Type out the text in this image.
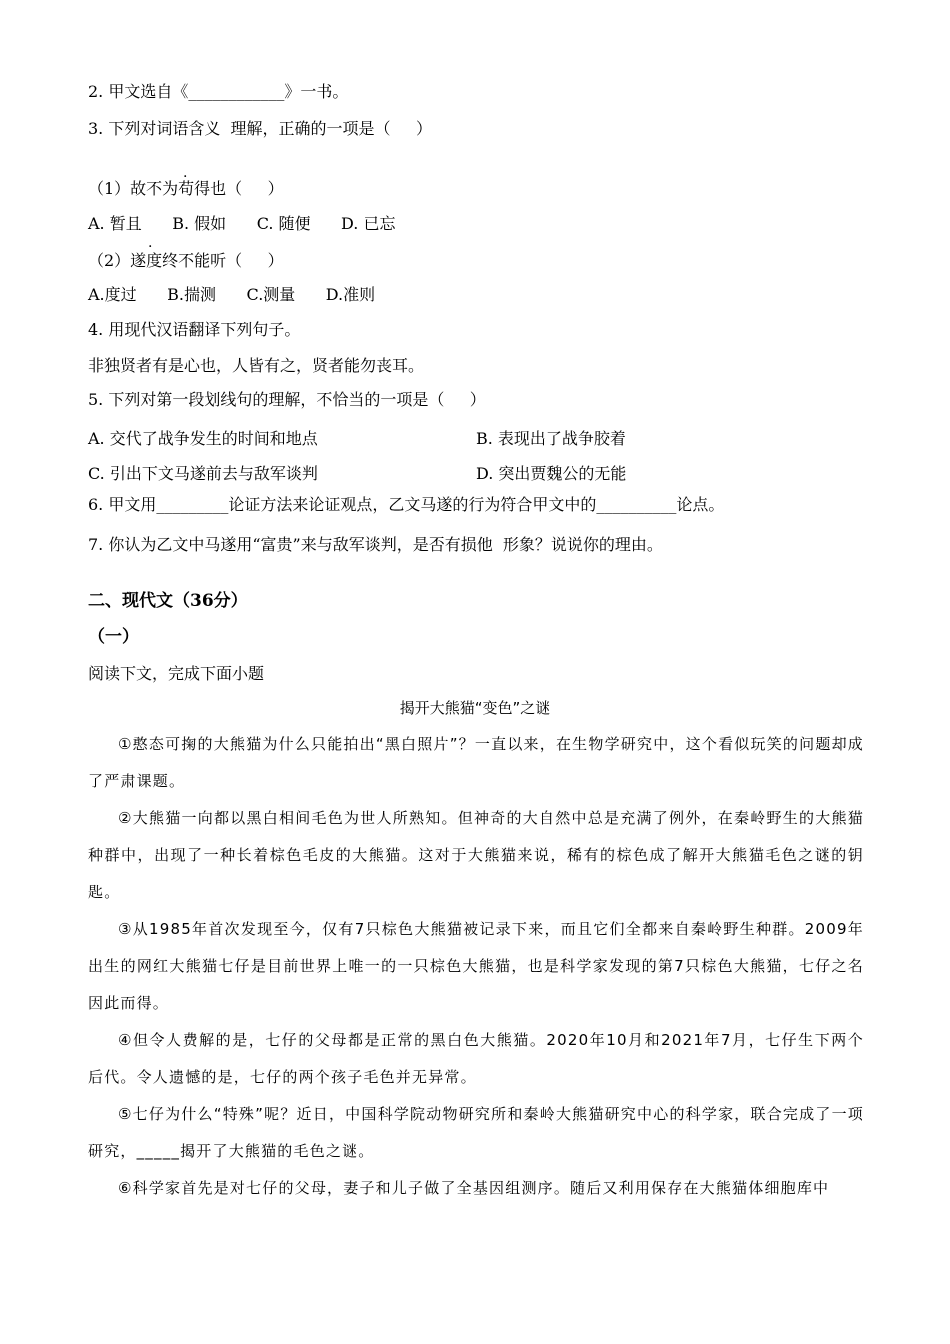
2. 甲文选自《____________》一书。
3. 下列对词语含义  理解，正确的一项是（     ）
.
（1）故不为苟得也（     ）
A. 暂且      B. 假如      C. 随便      D. 已忘
.
（2）遂度终不能听（     ）
A.度过      B.揣测      C.测量      D.准则
4. 用现代汉语翻译下列句子。
非独贤者有是心也，人皆有之，贤者能勿丧耳。
5. 下列对第一段划线句的理解，不恰当的一项是（     ）
A. 交代了战争发生的时间和地点	B. 表现出了战争胶着
C. 引出下文马遂前去与敌军谈判	D. 突出贾魏公的无能
6. 甲文用_________论证方法来论证观点，乙文马遂的行为符合甲文中的__________论点。
7. 你认为乙文中马遂用“富贵”来与敌军谈判，是否有损他  形象？说说你的理由。
二、现代文（36分）
（一）
阅读下文，完成下面小题
揭开大熊猫“变色”之谜
①憨态可掬的大熊猫为什么只能拍出“黑白照片”？一直以来，在生物学研究中，这个看似玩笑的问题却成了严肃课题。
②大熊猫一向都以黑白相间毛色为世人所熟知。但神奇的大自然中总是充满了例外，在秦岭野生的大熊猫种群中，出现了一种长着棕色毛皮的大熊猫。这对于大熊猫来说，稀有的棕色成了解开大熊猫毛色之谜的钥匙。
③从1985年首次发现至今，仅有7只棕色大熊猫被记录下来，而且它们全都来自秦岭野生种群。2009年出生的网红大熊猫七仔是目前世界上唯一的一只棕色大熊猫，也是科学家发现的第7只棕色大熊猫，七仔之名因此而得。
④但令人费解的是，七仔的父母都是正常的黑白色大熊猫。2020年10月和2021年7月，七仔生下两个后代。令人遗憾的是，七仔的两个孩子毛色并无异常。
⑤七仔为什么“特殊”呢？近日，中国科学院动物研究所和秦岭大熊猫研究中心的科学家，联合完成了一项研究，_____揭开了大熊猫的毛色之谜。
⑥科学家首先是对七仔的父母，妻子和儿子做了全基因组测序。随后又利用保存在大熊猫体细胞库中
